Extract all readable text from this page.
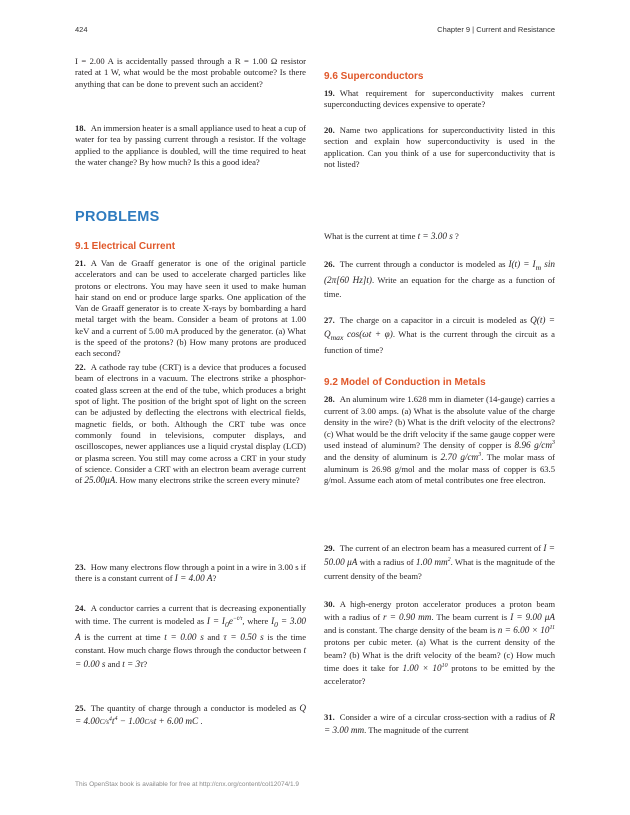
424	Chapter 9 | Current and Resistance

I = 2.00 A is accidentally passed through a R = 1.00 Ω resistor rated at 1 W, what would be the most probable outcome? Is there anything that can be done to prevent such an accident?

18. An immersion heater is a small appliance used to heat a cup of water for tea by passing current through a resistor. If the voltage applied to the appliance is doubled, will the time required to heat the water change? By how much? Is this a good idea?

PROBLEMS

9.1 Electrical Current

21. A Van de Graaff generator is one of the original particle accelerators and can be used to accelerate charged particles like protons or electrons. You may have seen it used to make human hair stand on end or produce large sparks. One application of the Van de Graaff generator is to create X-rays by bombarding a hard metal target with the beam. Consider a beam of protons at 1.00 keV and a current of 5.00 mA produced by the generator. (a) What is the speed of the protons? (b) How many protons are produced each second?

22. A cathode ray tube (CRT) is a device that produces a focused beam of electrons in a vacuum. The electrons strike a phosphor-coated glass screen at the end of the tube, which produces a bright spot of light. The position of the bright spot of light on the screen can be adjusted by deflecting the electrons with electrical fields, magnetic fields, or both. Although the CRT tube was once commonly found in televisions, computer displays, and oscilloscopes, newer appliances use a liquid crystal display (LCD) or plasma screen. You still may come across a CRT in your study of science. Consider a CRT with an electron beam average current of 25.00μA. How many electrons strike the screen every minute?

23. How many electrons flow through a point in a wire in 3.00 s if there is a constant current of I = 4.00 A?

24. A conductor carries a current that is decreasing exponentially with time. The current is modeled as $I = I_0e^{-t/\tau}$, where $I_0 = 3.00$ A is the current at time t = 0.00 s and τ = 0.50 s is the time constant. How much charge flows through the conductor between t = 0.00 s and t = 3τ?

25. The quantity of charge through a conductor is modeled as $Q = 4.00C/s^4t^4 - 1.00C/st + 6.00$ mC .

9.6 Superconductors

19. What requirement for superconductivity makes current superconducting devices expensive to operate?

20. Name two applications for superconductivity listed in this section and explain how superconductivity is used in the application. Can you think of a use for superconductivity that is not listed?

What is the current at time t = 3.00 s ?

26. The current through a conductor is modeled as $I(t) = I_m$ sin (2π[60 Hz]t). Write an equation for the charge as a function of time.

27. The charge on a capacitor in a circuit is modeled as $Q(t) = Q_{max}$ cos(ωt + φ). What is the current through the circuit as a function of time?

9.2 Model of Conduction in Metals

28. An aluminum wire 1.628 mm in diameter (14-gauge) carries a current of 3.00 amps. (a) What is the absolute value of the charge density in the wire? (b) What is the drift velocity of the electrons? (c) What would be the drift velocity if the same gauge copper were used instead of aluminum? The density of copper is 8.96 $g/cm^3$ and the density of aluminum is 2.70 $g/cm^3$. The molar mass of aluminum is 26.98 g/mol and the molar mass of copper is 63.5 g/mol. Assume each atom of metal contributes one free electron.

29. The current of an electron beam has a measured current of I = 50.00 μA with a radius of 1.00 $mm^2$. What is the magnitude of the current density of the beam?

30. A high-energy proton accelerator produces a proton beam with a radius of r = 0.90 mm. The beam current is I = 9.00 μA and is constant. The charge density of the beam is $n = 6.00 \times 10^{11}$ protons per cubic meter. (a) What is the current density of the beam? (b) What is the drift velocity of the beam? (c) How much time does it take for $1.00 \times 10^{10}$ protons to be emitted by the accelerator?

31. Consider a wire of a circular cross-section with a radius of R = 3.00 mm. The magnitude of the current

This OpenStax book is available for free at http://cnx.org/content/col12074/1.9
